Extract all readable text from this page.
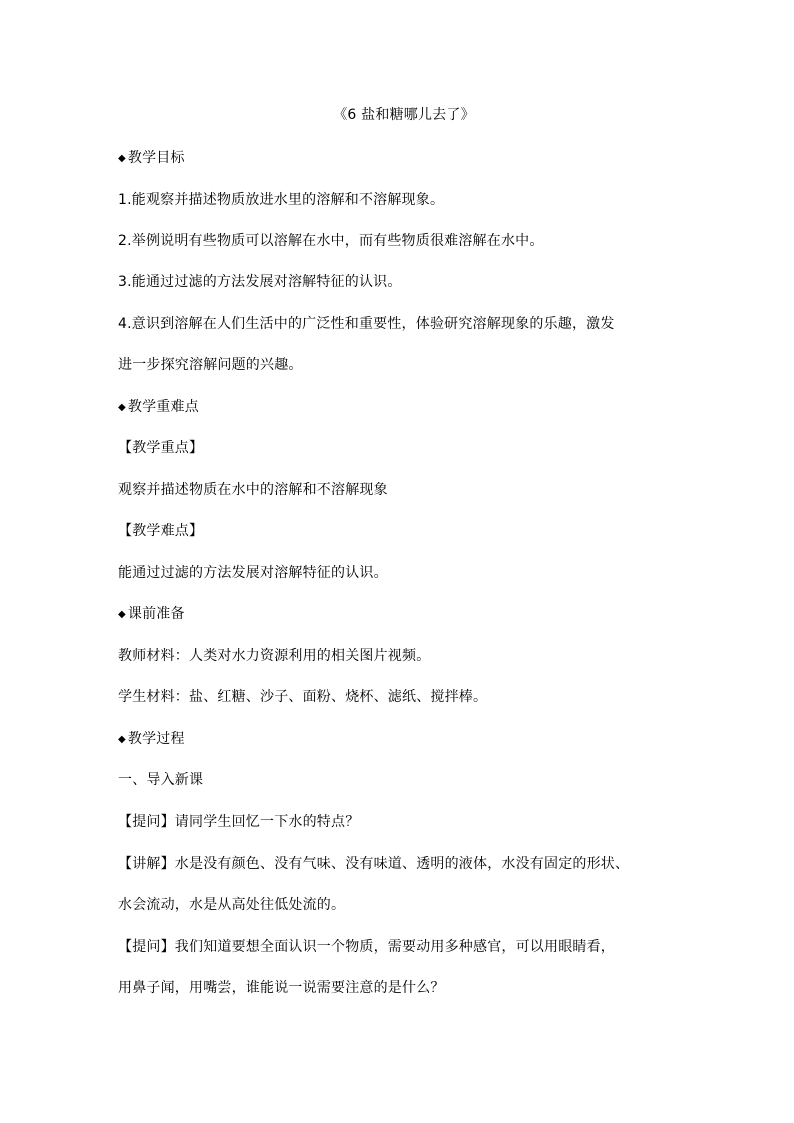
《6 盐和糖哪儿去了》
◆ 教学目标
1.能观察并描述物质放进水里的溶解和不溶解现象。
2.举例说明有些物质可以溶解在水中，而有些物质很难溶解在水中。
3.能通过过滤的方法发展对溶解特征的认识。
4.意识到溶解在人们生活中的广泛性和重要性，体验研究溶解现象的乐趣，激发
进一步探究溶解问题的兴趣。
◆ 教学重难点
【教学重点】
观察并描述物质在水中的溶解和不溶解现象
【教学难点】
能通过过滤的方法发展对溶解特征的认识。
◆ 课前准备
教师材料：人类对水力资源利用的相关图片视频。
学生材料：盐、红糖、沙子、面粉、烧杯、滤纸、搅拌棒。
◆ 教学过程
一、导入新课
【提问】请同学生回忆一下水的特点？
【讲解】水是没有颜色、没有气味、没有味道、透明的液体，水没有固定的形状、
水会流动，水是从高处往低处流的。
【提问】我们知道要想全面认识一个物质，需要动用多种感官，可以用眼睛看，
用鼻子闻，用嘴尝，谁能说一说需要注意的是什么？
